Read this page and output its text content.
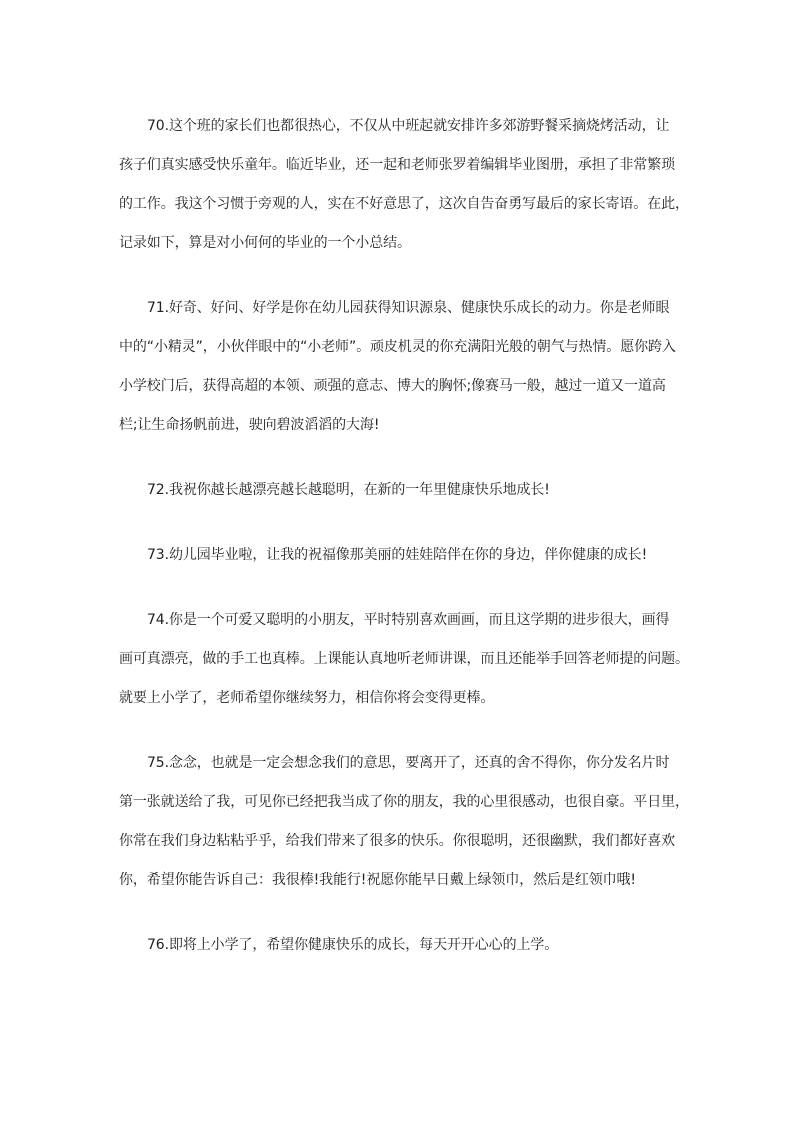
70.这个班的家长们也都很热心，不仅从中班起就安排许多郊游野餐采摘烧烤活动，让
孩子们真实感受快乐童年。临近毕业，还一起和老师张罗着编辑毕业图册，承担了非常繁琐
的工作。我这个习惯于旁观的人，实在不好意思了，这次自告奋勇写最后的家长寄语。在此，
记录如下，算是对小何何的毕业的一个小总结。
71.好奇、好问、好学是你在幼儿园获得知识源泉、健康快乐成长的动力。你是老师眼
中的“小精灵”，小伙伴眼中的“小老师”。顽皮机灵的你充满阳光般的朝气与热情。愿你跨入
小学校门后，获得高超的本领、顽强的意志、博大的胸怀;像赛马一般，越过一道又一道高
栏;让生命扬帆前进，驶向碧波滔滔的大海!
72.我祝你越长越漂亮越长越聪明，在新的一年里健康快乐地成长!
73.幼儿园毕业啦，让我的祝福像那美丽的娃娃陪伴在你的身边，伴你健康的成长!
74.你是一个可爱又聪明的小朋友，平时特别喜欢画画，而且这学期的进步很大，画得
画可真漂亮，做的手工也真棒。上课能认真地听老师讲课，而且还能举手回答老师提的问题。
就要上小学了，老师希望你继续努力，相信你将会变得更棒。
75.念念，也就是一定会想念我们的意思，要离开了，还真的舍不得你，你分发名片时
第一张就送给了我，可见你已经把我当成了你的朋友，我的心里很感动，也很自豪。平日里，
你常在我们身边粘粘乎乎，给我们带来了很多的快乐。你很聪明，还很幽默，我们都好喜欢
你，希望你能告诉自己：我很棒!我能行!祝愿你能早日戴上绿领巾，然后是红领巾哦!
76.即将上小学了，希望你健康快乐的成长，每天开开心心的上学。
